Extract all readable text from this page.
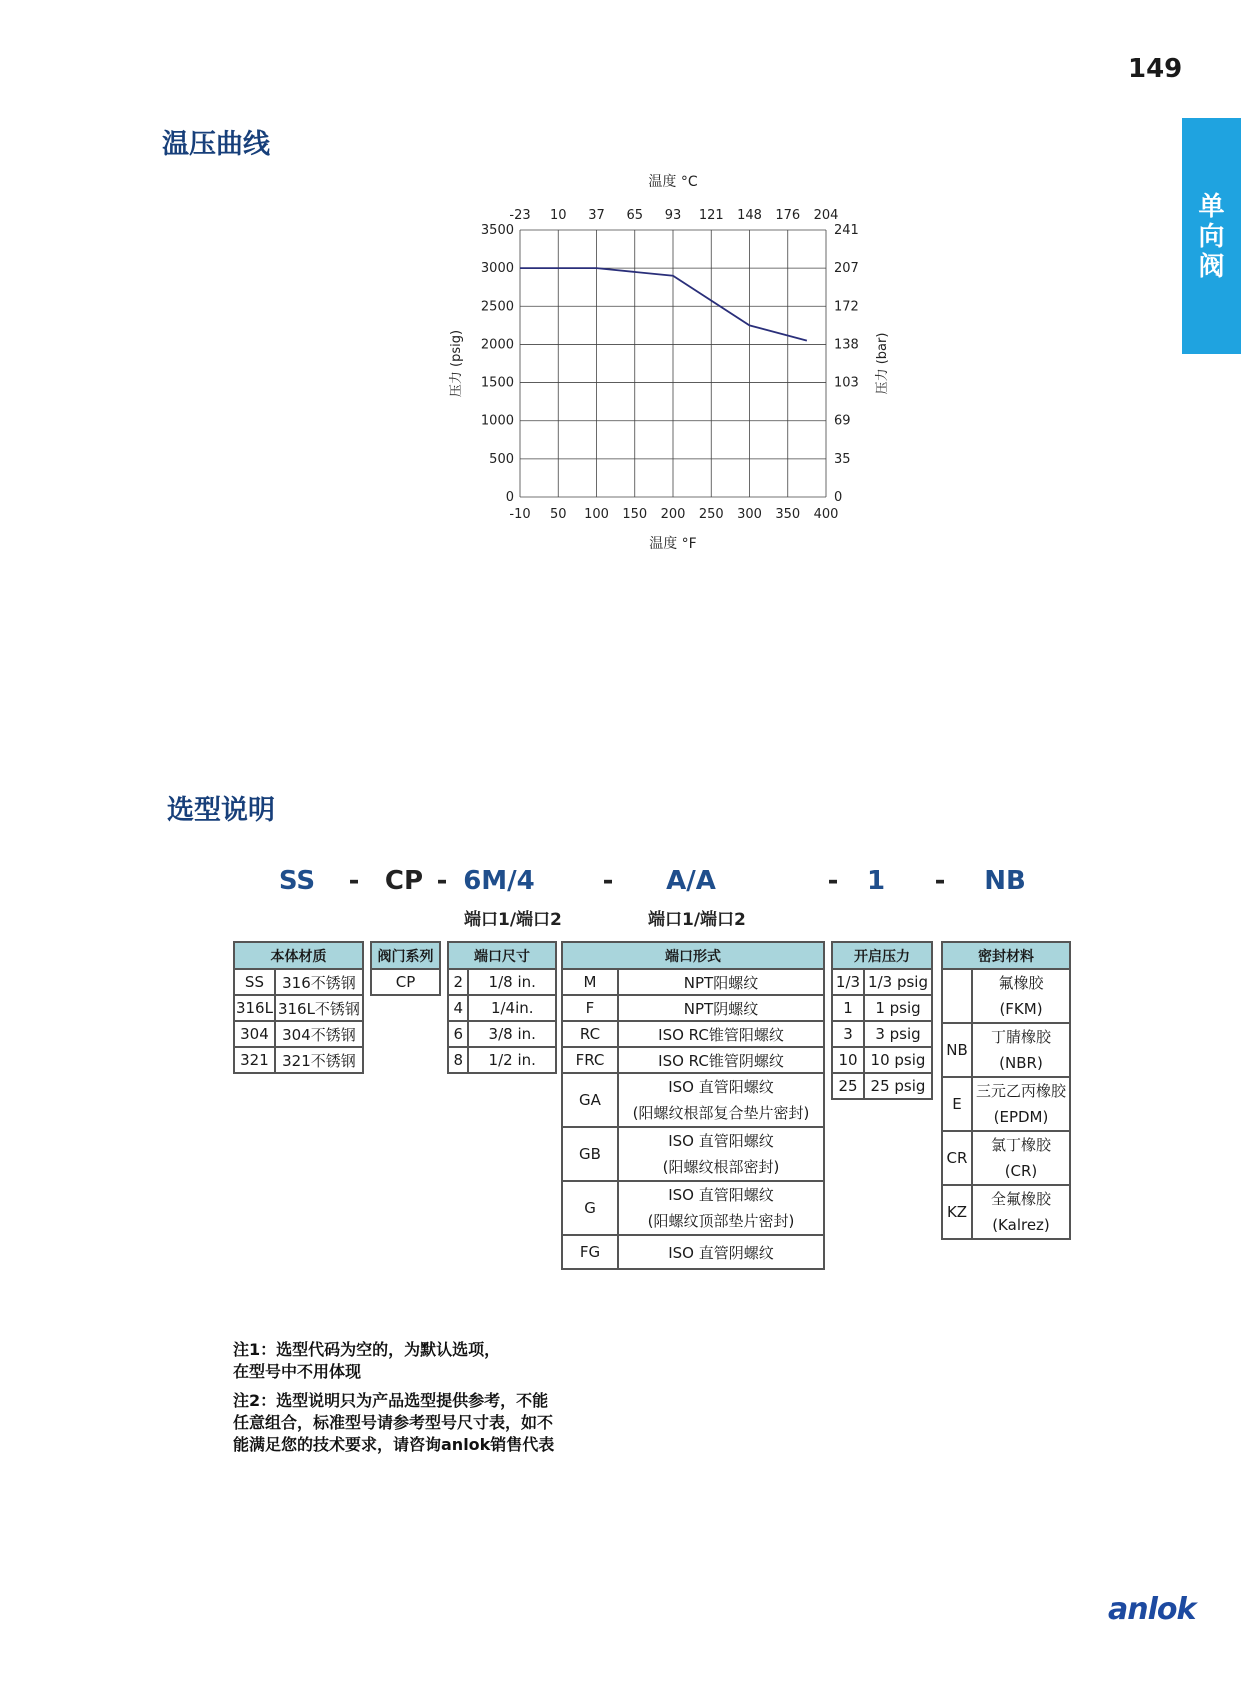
149
单
向
阀
温压曲线
-10 50 100 150 200 250 300 350 400
-23 10 37 65 93 121 148 176 204
0
500
1000
1500
2000
2500
3000
3500
0
35
69
103
138
172
207
241
温度 °C
温度 °F
压力 (psig)	压力 (bar)
选型说明
SS - CP - 6M/4	- A/A	- 1 - NB
端口1/端口2	端口1/端口2
本体材质	
SS	316不锈钢
316L	316L不锈钢
304	304不锈钢
321	321不锈钢
阀门系列
CP
端口尺寸	
2	1/8 in.
4	1/4in.
6	3/8 in.
8	1/2 in.
端口形式	
M	NPT阳螺纹
F	NPT阴螺纹
RC	ISO RC锥管阳螺纹
FRC	ISO RC锥管阴螺纹
GA	ISO 直管阳螺纹
(阳螺纹根部复合垫片密封)

GB	ISO 直管阳螺纹
(阳螺纹根部密封)

G	ISO 直管阳螺纹
(阳螺纹顶部垫片密封)

FG	ISO 直管阴螺纹
开启压力	
1/3	1/3 psig
1	1 psig
3	3 psig
10	10 psig
25	25 psig
密封材料	

	氟橡胶
(FKM)

NB	丁腈橡胶
(NBR)

E	三元乙丙橡胶
(EPDM)

CR	氯丁橡胶
(CR)

KZ	全氟橡胶
(Kalrez)
注1：选型代码为空的，为默认选项，
在型号中不用体现
注2：选型说明只为产品选型提供参考，不能
任意组合，标准型号请参考型号尺寸表，如不
能满足您的技术要求，请咨询anlok销售代表
anlok
